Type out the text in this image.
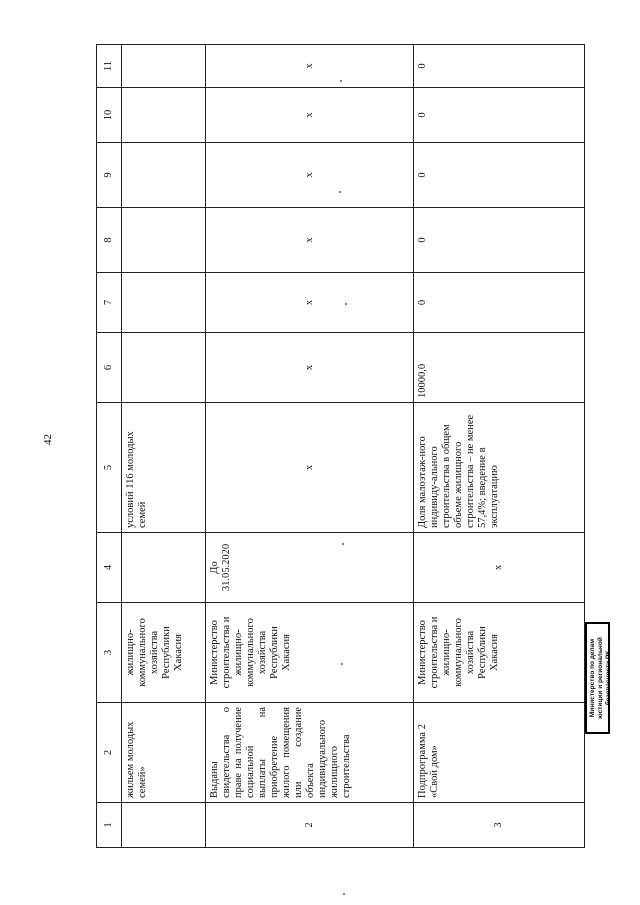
42
1	2	3	4	5	6	7	8	9	10	11
	жильем молодых семей»	жилищно-коммунального хозяйства Республики Хакасия		условий 116 молодых семей						
2	Выданы свидетельства о праве на получение социальной выплаты на приобретение жилого помещения или создание объекта индивидуального жилищного строительства	Министерство строительства и жилищно-коммунального хозяйства Республики Хакасия	До 31.05.2020	x	x	x	x	x	x	x
3	Подпрограмма 2 «Свой дом»	Министерство строительства и жилищно-коммунального хозяйства Республики Хакасия	x	Доля малоэтаж-ного индивиду-ального строительства в общем объеме жилищного строительства – не менее 57,4%; введение в эксплуатацию	10000,0	0	0	0	0	0
Министерство по делам юстиции и региональной безопасности РК
